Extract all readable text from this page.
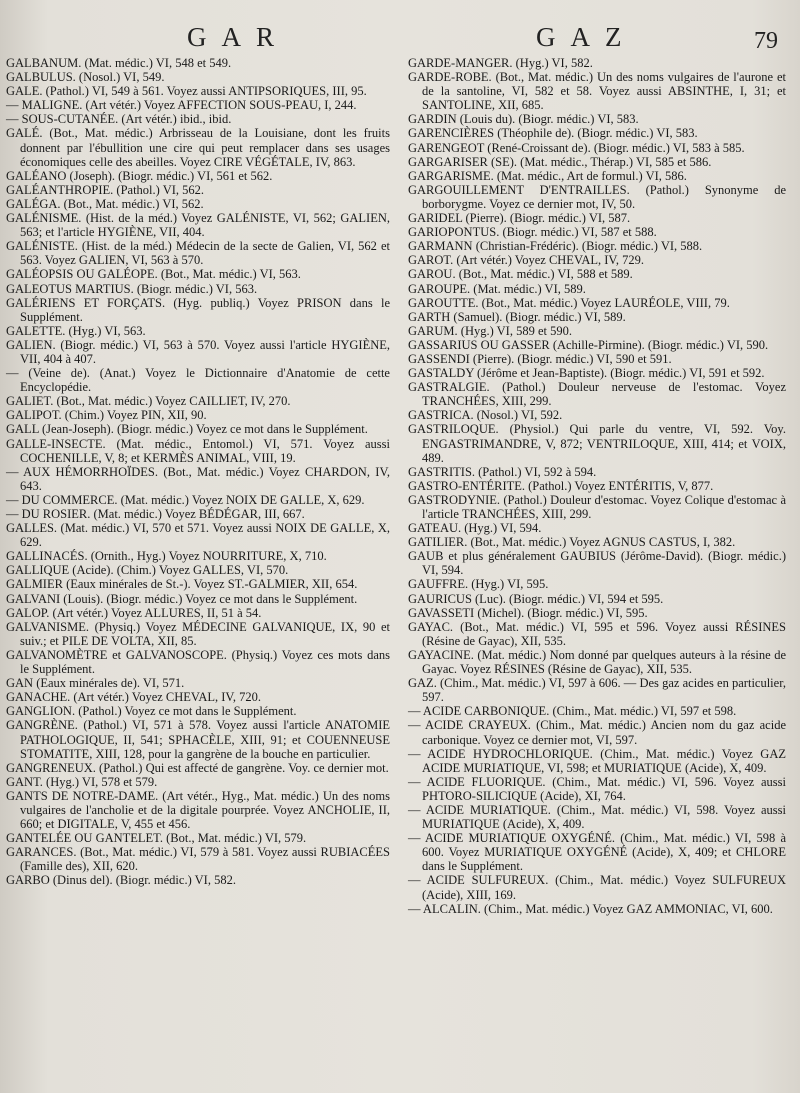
GAR	GAZ	79

GALBANUM. (Mat. médic.) VI, 548 et 549.

GALBULUS. (Nosol.) VI, 549.

GALE. (Pathol.) VI, 549 à 561. Voyez aussi ANTIPSORIQUES, III, 95.

— MALIGNE. (Art vétér.) Voyez AFFECTION SOUS-PEAU, I, 244.

— SOUS-CUTANÉE. (Art vétér.) ibid., ibid.

GALÉ. (Bot., Mat. médic.) Arbrisseau de la Louisiane, dont les fruits donnent par l'ébullition une cire qui peut remplacer dans ses usages économiques celle des abeilles. Voyez CIRE VÉGÉTALE, IV, 863.

GALÉANO (Joseph). (Biogr. médic.) VI, 561 et 562.

GALÉANTHROPIE. (Pathol.) VI, 562.

GALÉGA. (Bot., Mat. médic.) VI, 562.

GALÉNISME. (Hist. de la méd.) Voyez GALÉNISTE, VI, 562; GALIEN, 563; et l'article HYGIÈNE, VII, 404.

GALÉNISTE. (Hist. de la méd.) Médecin de la secte de Galien, VI, 562 et 563. Voyez GALIEN, VI, 563 à 570.

GALÉOPSIS OU GALÉOPE. (Bot., Mat. médic.) VI, 563.

GALEOTUS MARTIUS. (Biogr. médic.) VI, 563.

GALÉRIENS ET FORÇATS. (Hyg. publiq.) Voyez PRISON dans le Supplément.

GALETTE. (Hyg.) VI, 563.

GALIEN. (Biogr. médic.) VI, 563 à 570. Voyez aussi l'article HYGIÈNE, VII, 404 à 407.

— (Veine de). (Anat.) Voyez le Dictionnaire d'Anatomie de cette Encyclopédie.

GALIET. (Bot., Mat. médic.) Voyez CAILLIET, IV, 270.

GALIPOT. (Chim.) Voyez PIN, XII, 90.

GALL (Jean-Joseph). (Biogr. médic.) Voyez ce mot dans le Supplément.

GALLE-INSECTE. (Mat. médic., Entomol.) VI, 571. Voyez aussi COCHENILLE, V, 8; et KERMÈS ANIMAL, VIII, 19.

— AUX HÉMORRHOÏDES. (Bot., Mat. médic.) Voyez CHARDON, IV, 643.

— DU COMMERCE. (Mat. médic.) Voyez NOIX DE GALLE, X, 629.

— DU ROSIER. (Mat. médic.) Voyez BÉDÉGAR, III, 667.

GALLES. (Mat. médic.) VI, 570 et 571. Voyez aussi NOIX DE GALLE, X, 629.

GALLINACÉS. (Ornith., Hyg.) Voyez NOURRITURE, X, 710.

GALLIQUE (Acide). (Chim.) Voyez GALLES, VI, 570.

GALMIER (Eaux minérales de St.-). Voyez ST.-GALMIER, XII, 654.

GALVANI (Louis). (Biogr. médic.) Voyez ce mot dans le Supplément.

GALOP. (Art vétér.) Voyez ALLURES, II, 51 à 54.

GALVANISME. (Physiq.) Voyez MÉDECINE GALVANIQUE, IX, 90 et suiv.; et PILE DE VOLTA, XII, 85.

GALVANOMÈTRE et GALVANOSCOPE. (Physiq.) Voyez ces mots dans le Supplément.

GAN (Eaux minérales de). VI, 571.

GANACHE. (Art vétér.) Voyez CHEVAL, IV, 720.

GANGLION. (Pathol.) Voyez ce mot dans le Supplément.

GANGRÈNE. (Pathol.) VI, 571 à 578. Voyez aussi l'article ANATOMIE PATHOLOGIQUE, II, 541; SPHACÈLE, XIII, 91; et COUENNEUSE STOMATITE, XIII, 128, pour la gangrène de la bouche en particulier.

GANGRENEUX. (Pathol.) Qui est affecté de gangrène. Voy. ce dernier mot.

GANT. (Hyg.) VI, 578 et 579.

GANTS DE NOTRE-DAME. (Art vétér., Hyg., Mat. médic.) Un des noms vulgaires de l'ancholie et de la digitale pourprée. Voyez ANCHOLIE, II, 660; et DIGITALE, V, 455 et 456.

GANTELÉE OU GANTELET. (Bot., Mat. médic.) VI, 579.

GARANCES. (Bot., Mat. médic.) VI, 579 à 581. Voyez aussi RUBIACÉES (Famille des), XII, 620.

GARBO (Dinus del). (Biogr. médic.) VI, 582.

GARDE-MANGER. (Hyg.) VI, 582.

GARDE-ROBE. (Bot., Mat. médic.) Un des noms vulgaires de l'aurone et de la santoline, VI, 582 et 58. Voyez aussi ABSINTHE, I, 31; et SANTOLINE, XII, 685.

GARDIN (Louis du). (Biogr. médic.) VI, 583.

GARENCIÈRES (Théophile de). (Biogr. médic.) VI, 583.

GARENGEOT (René-Croissant de). (Biogr. médic.) VI, 583 à 585.

GARGARISER (SE). (Mat. médic., Thérap.) VI, 585 et 586.

GARGARISME. (Mat. médic., Art de formul.) VI, 586.

GARGOUILLEMENT D'ENTRAILLES. (Pathol.) Synonyme de borborygme. Voyez ce dernier mot, IV, 50.

GARIDEL (Pierre). (Biogr. médic.) VI, 587.

GARIOPONTUS. (Biogr. médic.) VI, 587 et 588.

GARMANN (Christian-Frédéric). (Biogr. médic.) VI, 588.

GAROT. (Art vétér.) Voyez CHEVAL, IV, 729.

GAROU. (Bot., Mat. médic.) VI, 588 et 589.

GAROUPE. (Mat. médic.) VI, 589.

GAROUTTE. (Bot., Mat. médic.) Voyez LAURÉOLE, VIII, 79.

GARTH (Samuel). (Biogr. médic.) VI, 589.

GARUM. (Hyg.) VI, 589 et 590.

GASSARIUS OU GASSER (Achille-Pirmine). (Biogr. médic.) VI, 590.

GASSENDI (Pierre). (Biogr. médic.) VI, 590 et 591.

GASTALDY (Jérôme et Jean-Baptiste). (Biogr. médic.) VI, 591 et 592.

GASTRALGIE. (Pathol.) Douleur nerveuse de l'estomac. Voyez TRANCHÉES, XIII, 299.

GASTRICA. (Nosol.) VI, 592.

GASTRILOQUE. (Physiol.) Qui parle du ventre, VI, 592. Voy. ENGASTRIMANDRE, V, 872; VENTRILOQUE, XIII, 414; et VOIX, 489.

GASTRITIS. (Pathol.) VI, 592 à 594.

GASTRO-ENTÉRITE. (Pathol.) Voyez ENTÉRITIS, V, 877.

GASTRODYNIE. (Pathol.) Douleur d'estomac. Voyez Colique d'estomac à l'article TRANCHÉES, XIII, 299.

GATEAU. (Hyg.) VI, 594.

GATILIER. (Bot., Mat. médic.) Voyez AGNUS CASTUS, I, 382.

GAUB et plus généralement GAUBIUS (Jérôme-David). (Biogr. médic.) VI, 594.

GAUFFRE. (Hyg.) VI, 595.

GAURICUS (Luc). (Biogr. médic.) VI, 594 et 595.

GAVASSETI (Michel). (Biogr. médic.) VI, 595.

GAYAC. (Bot., Mat. médic.) VI, 595 et 596. Voyez aussi RÉSINES (Résine de Gayac), XII, 535.

GAYACINE. (Mat. médic.) Nom donné par quelques auteurs à la résine de Gayac. Voyez RÉSINES (Résine de Gayac), XII, 535.

GAZ. (Chim., Mat. médic.) VI, 597 à 606. — Des gaz acides en particulier, 597.

— ACIDE CARBONIQUE. (Chim., Mat. médic.) VI, 597 et 598.

— ACIDE CRAYEUX. (Chim., Mat. médic.) Ancien nom du gaz acide carbonique. Voyez ce dernier mot, VI, 597.

— ACIDE HYDROCHLORIQUE. (Chim., Mat. médic.) Voyez GAZ ACIDE MURIATIQUE, VI, 598; et MURIATIQUE (Acide), X, 409.

— ACIDE FLUORIQUE. (Chim., Mat. médic.) VI, 596. Voyez aussi PHTORO-SILICIQUE (Acide), XI, 764.

— ACIDE MURIATIQUE. (Chim., Mat. médic.) VI, 598. Voyez aussi MURIATIQUE (Acide), X, 409.

— ACIDE MURIATIQUE OXYGÉNÉ. (Chim., Mat. médic.) VI, 598 à 600. Voyez MURIATIQUE OXYGÉNÉ (Acide), X, 409; et CHLORE dans le Supplément.

— ACIDE SULFUREUX. (Chim., Mat. médic.) Voyez SULFUREUX (Acide), XIII, 169.

— ALCALIN. (Chim., Mat. médic.) Voyez GAZ AMMONIAC, VI, 600.
